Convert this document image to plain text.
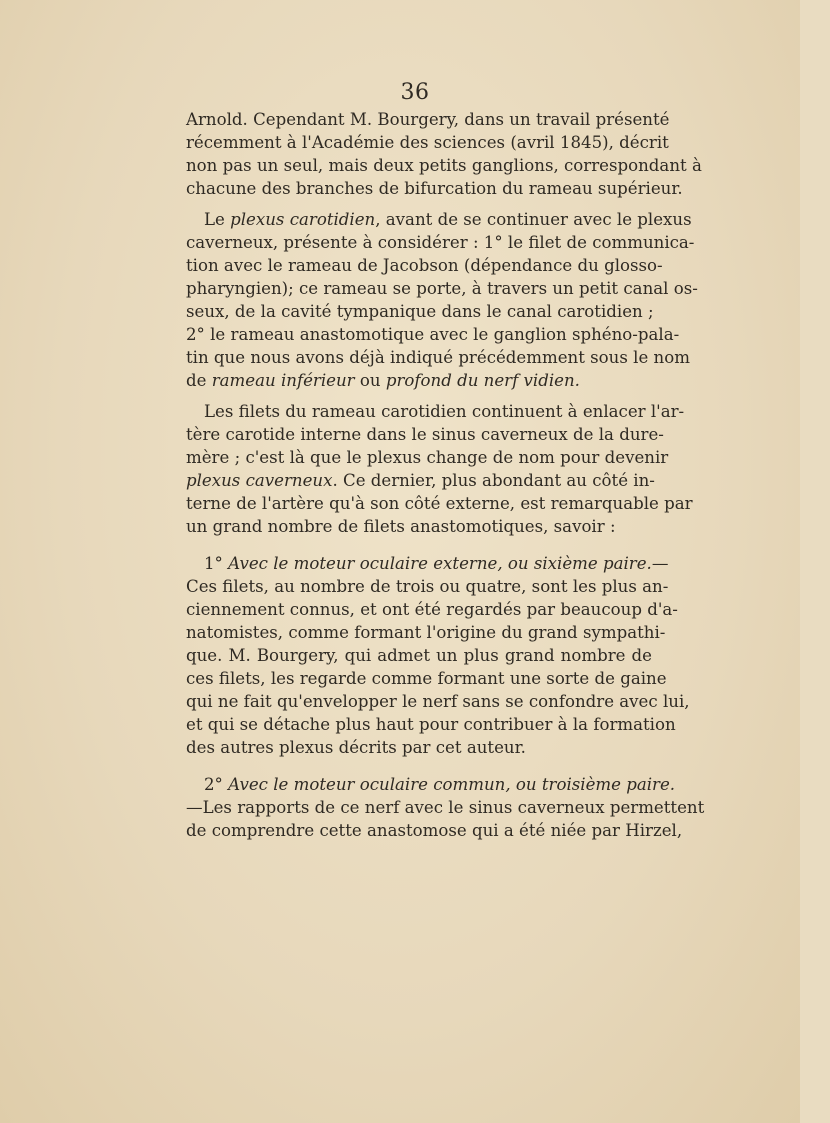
36
Arnold. Cependant M. Bourgery, dans un travail présenté
récemment à l'Académie des sciences (avril 1845), décrit
non pas un seul, mais deux petits ganglions, correspondant à
chacune des branches de bifurcation du rameau supérieur.
Le plexus carotidien, avant de se continuer avec le plexus
caverneux, présente à considérer : 1° le filet de communica-
tion avec le rameau de Jacobson (dépendance du glosso-
pharyngien); ce rameau se porte, à travers un petit canal os-
seux, de la cavité tympanique dans le canal carotidien ;
2° le rameau anastomotique avec le ganglion sphéno-pala-
tin que nous avons déjà indiqué précédemment sous le nom
de rameau inférieur ou profond du nerf vidien.
Les filets du rameau carotidien continuent à enlacer l'ar-
tère carotide interne dans le sinus caverneux de la dure-
mère ; c'est là que le plexus change de nom pour devenir
plexus caverneux. Ce dernier, plus abondant au côté in-
terne de l'artère qu'à son côté externe, est remarquable par
un grand nombre de filets anastomotiques, savoir :
1° Avec le moteur oculaire externe, ou sixième paire.—
Ces filets, au nombre de trois ou quatre, sont les plus an-
ciennement connus, et ont été regardés par beaucoup d'a-
natomistes, comme formant l'origine du grand sympathi-
que. M. Bourgery, qui admet un plus grand nombre de
ces filets, les regarde comme formant une sorte de gaine
qui ne fait qu'envelopper le nerf sans se confondre avec lui,
et qui se détache plus haut pour contribuer à la formation
des autres plexus décrits par cet auteur.
2° Avec le moteur oculaire commun, ou troisième paire.
—Les rapports de ce nerf avec le sinus caverneux permettent
de comprendre cette anastomose qui a été niée par Hirzel,
